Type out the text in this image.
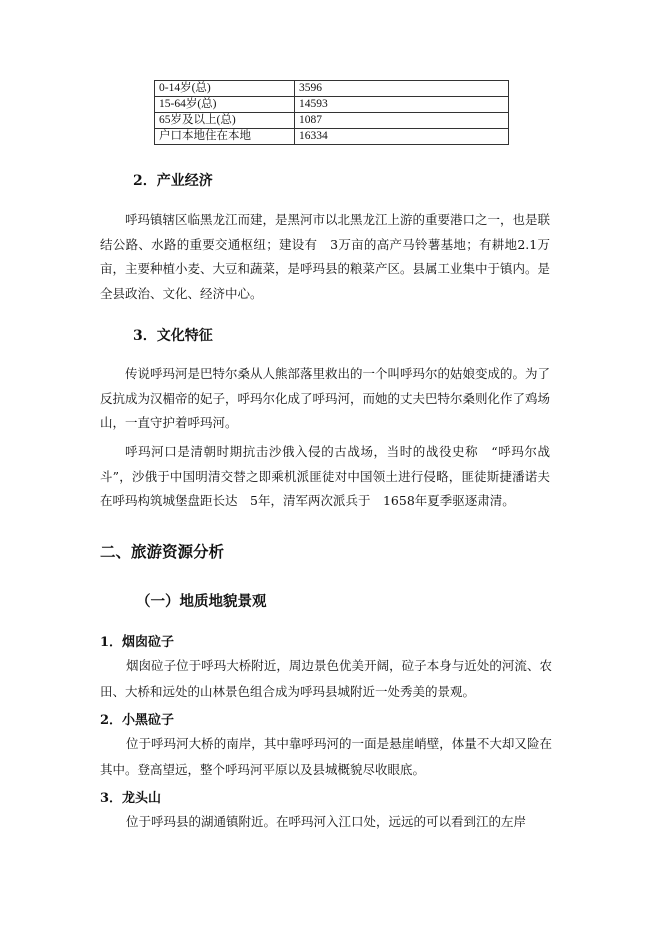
0-14岁(总)	3596
15-64岁(总)	14593
65岁及以上(总)	1087
户口本地住在本地	16334
2．产业经济

呼玛镇辖区临黑龙江而建，是黑河市以北黑龙江上游的重要港口之一，也是联结公路、水路的重要交通枢纽；建设有　3万亩的高产马铃薯基地；有耕地2.1万亩，主要种植小麦、大豆和蔬菜，是呼玛县的粮菜产区。县属工业集中于镇内。是全县政治、文化、经济中心。

3．文化特征

传说呼玛河是巴特尔桑从人熊部落里救出的一个叫呼玛尔的姑娘变成的。为了反抗成为汉楣帝的妃子，呼玛尔化成了呼玛河，而她的丈夫巴特尔桑则化作了鸡场山，一直守护着呼玛河。

呼玛河口是清朝时期抗击沙俄入侵的古战场，当时的战役史称　“呼玛尔战斗”，沙俄于中国明清交替之即乘机派匪徒对中国领土进行侵略，匪徒斯捷潘诺夫在呼玛构筑城堡盘距长达　5年，清军两次派兵于　1658年夏季驱逐肃清。

二、旅游资源分析
（一）地质地貌景观
1．烟囱砬子

烟囱砬子位于呼玛大桥附近，周边景色优美开阔，砬子本身与近处的河流、农田、大桥和远处的山林景色组合成为呼玛县城附近一处秀美的景观。

2．小黑砬子

位于呼玛河大桥的南岸，其中靠呼玛河的一面是悬崖峭壁，体量不大却又险在其中。登高望远，整个呼玛河平原以及县城概貌尽收眼底。

3．龙头山

位于呼玛县的湖通镇附近。在呼玛河入江口处，远远的可以看到江的左岸
